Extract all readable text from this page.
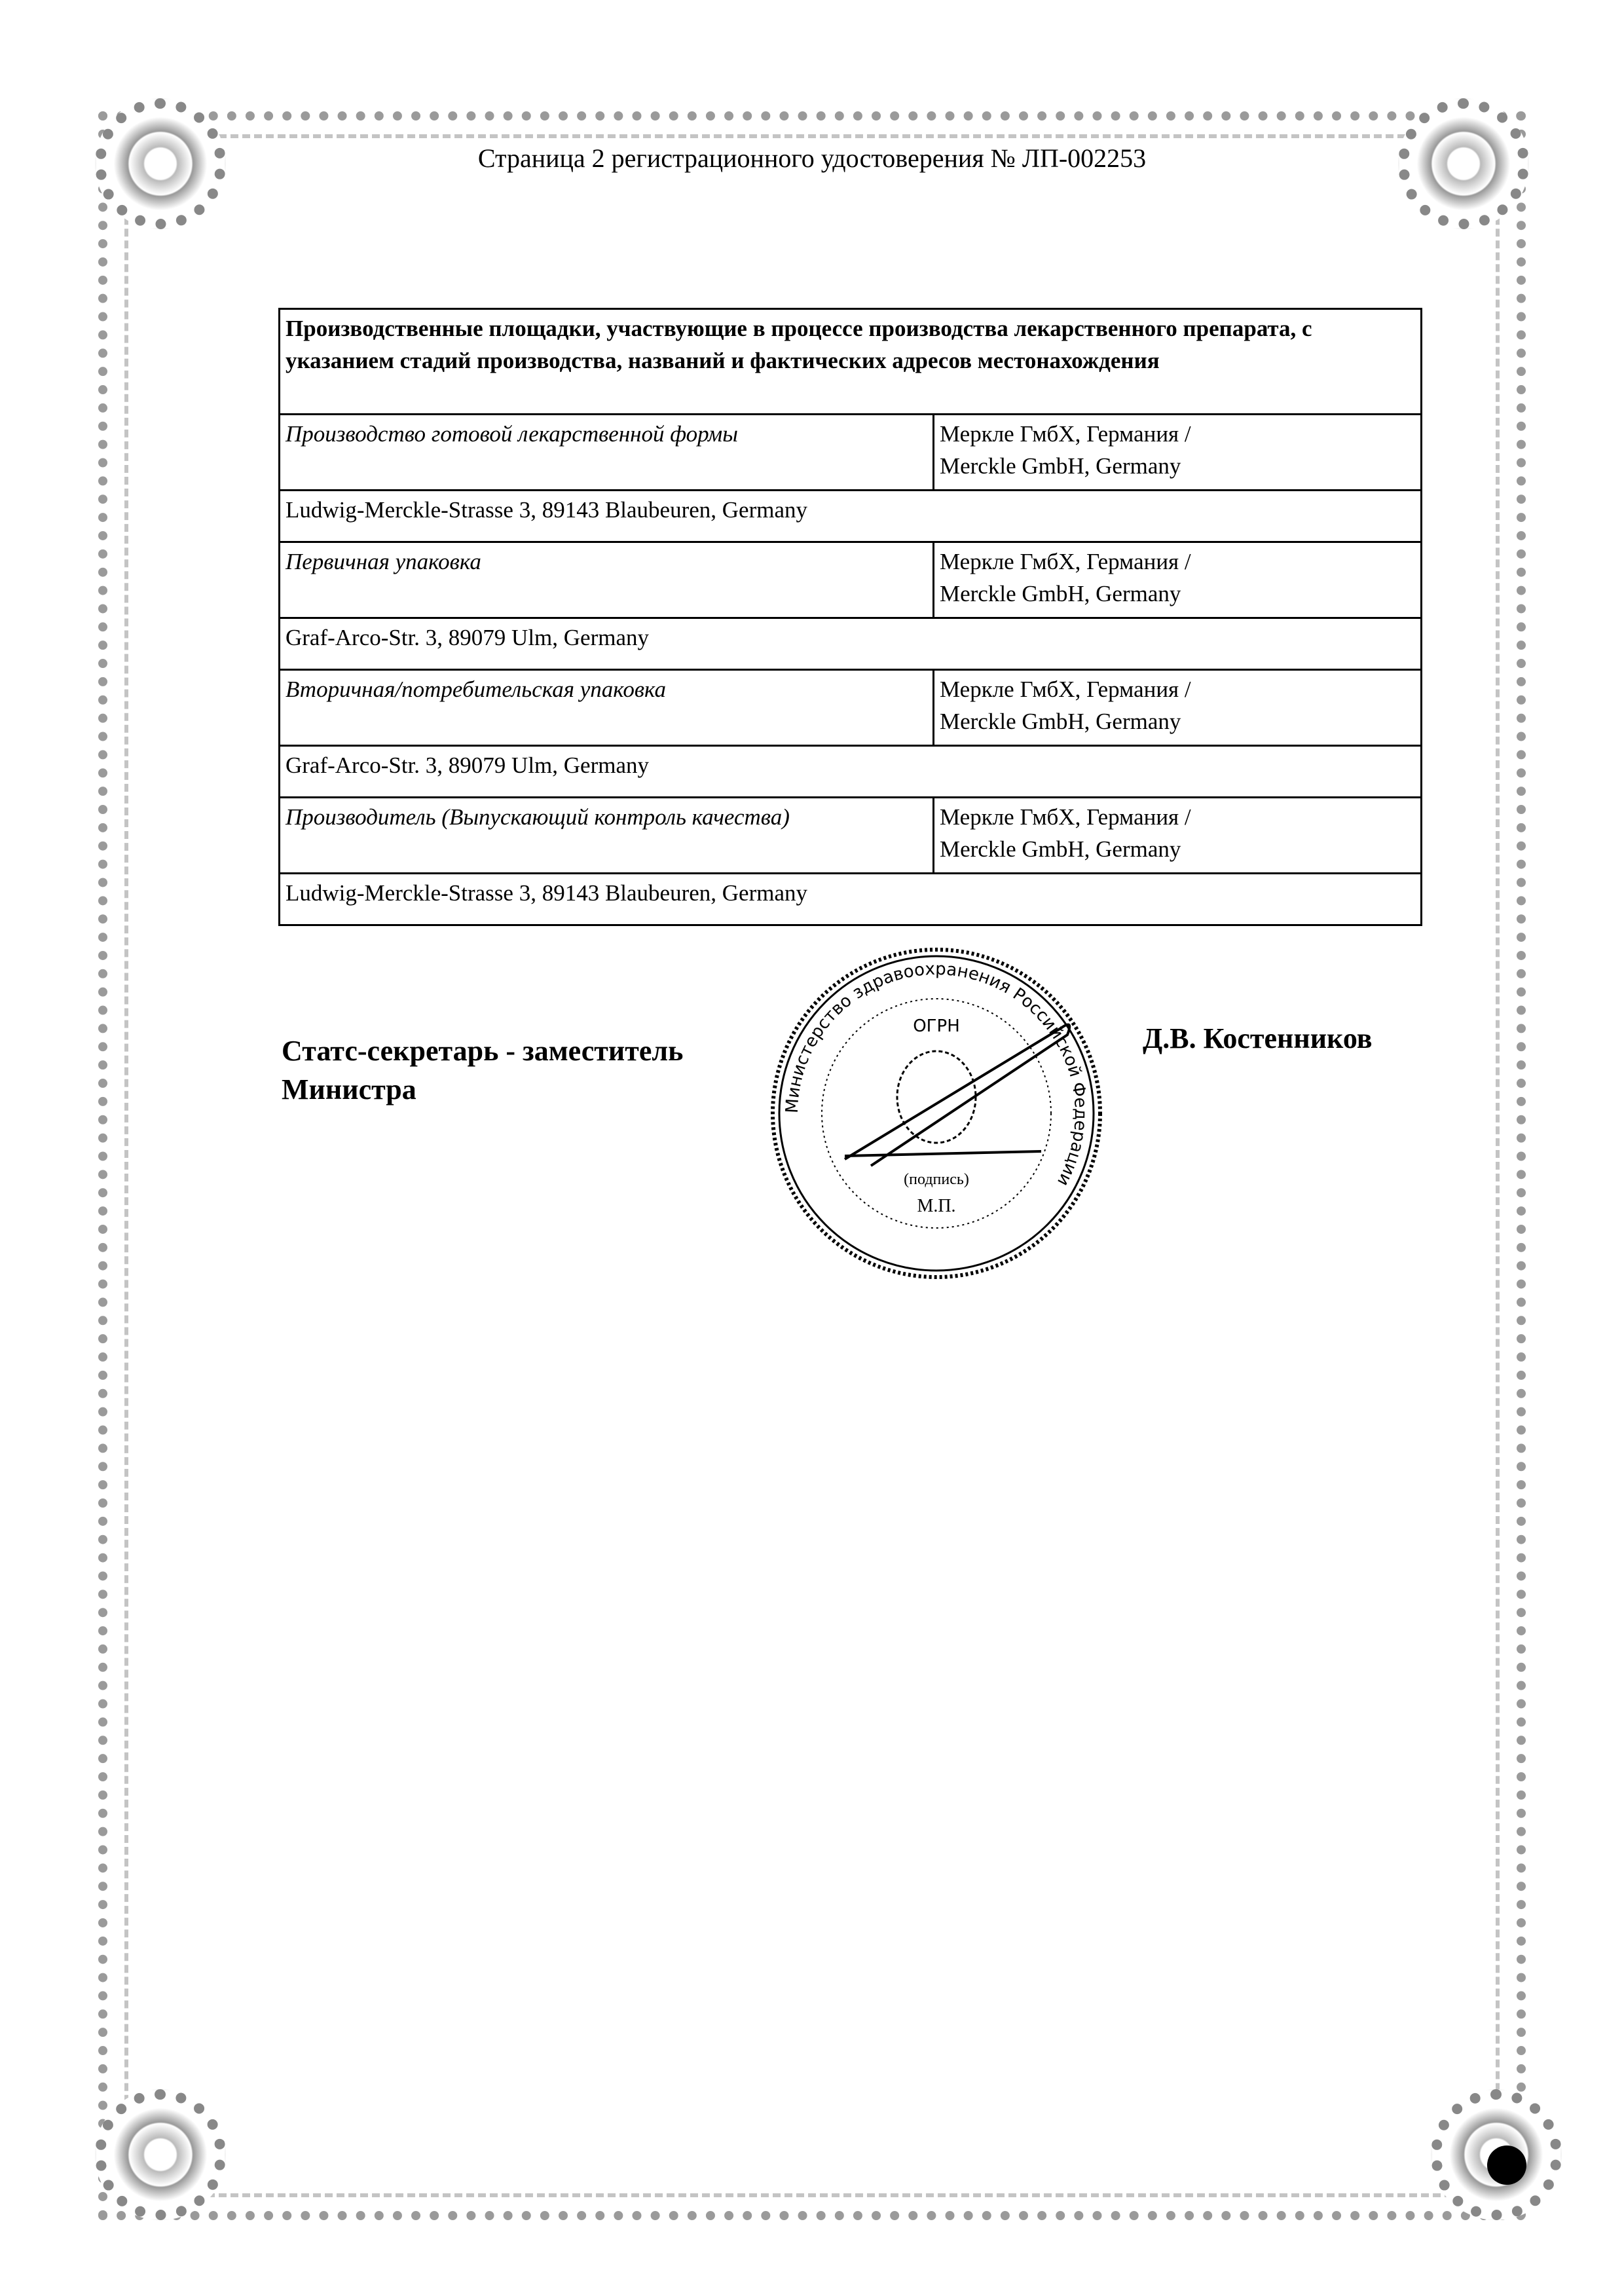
Страница 2 регистрационного удостоверения № ЛП-002253
Производственные площадки, участвующие в процессе производства лекарственного препарата, с указанием стадий производства, названий и фактических адресов местонахождения	
Производство готовой лекарственной формы	Меркле ГмбХ, Германия /
Merckle GmbH, Germany

Ludwig-Merckle-Strasse 3, 89143 Blaubeuren, Germany	
Первичная упаковка	Меркле ГмбХ, Германия /
Merckle GmbH, Germany

Graf-Arco-Str. 3, 89079 Ulm, Germany	
Вторичная/потребительская упаковка	Меркле ГмбХ, Германия /
Merckle GmbH, Germany

Graf-Arco-Str. 3, 89079 Ulm, Germany	
Производитель (Выпускающий контроль качества)	Меркле ГмбХ, Германия /
Merckle GmbH, Germany

Ludwig-Merckle-Strasse 3, 89143 Blaubeuren, Germany	
Статс-секретарь - заместитель
Министра
Д.В. Костенников
Министерство здравоохранения Российской Федерации
ОГРН
(подпись)
М.П.
